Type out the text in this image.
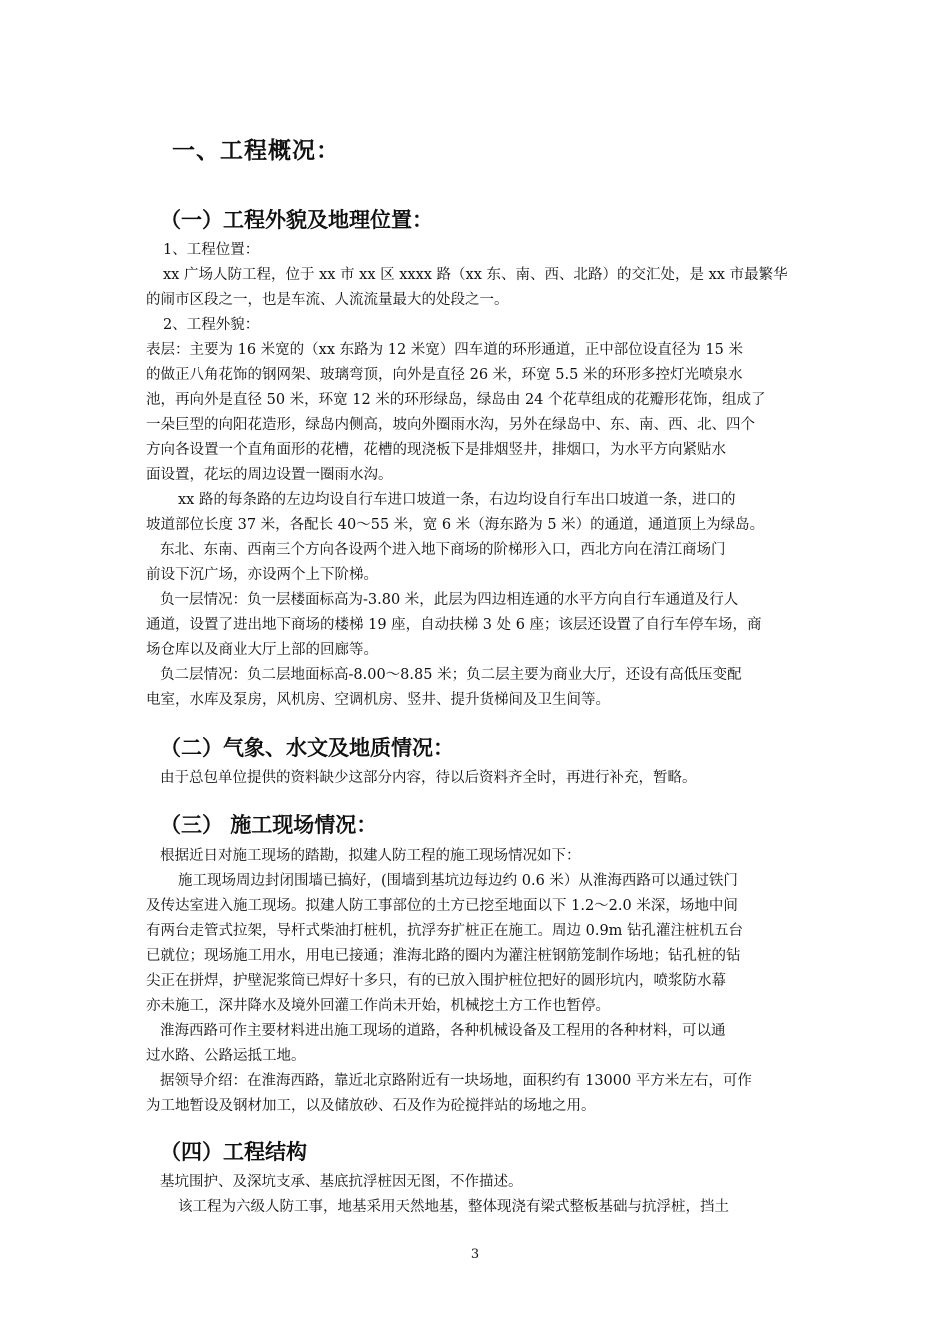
一、工程概况：
（一）工程外貌及地理位置：
1、工程位置：
xx 广场人防工程，位于 xx 市 xx 区 xxxx 路（xx 东、南、西、北路）的交汇处，是 xx 市最繁华
的闹市区段之一，也是车流、人流流量最大的处段之一。
2、工程外貌：
表层：主要为 16 米宽的（xx 东路为 12 米宽）四车道的环形通道，正中部位设直径为 15 米
的做正八角花饰的钢网架、玻璃弯顶，向外是直径 26 米，环宽 5.5 米的环形多控灯光喷泉水
池，再向外是直径 50 米，环宽 12 米的环形绿岛，绿岛由 24 个花草组成的花瓣形花饰，组成了
一朵巨型的向阳花造形，绿岛内侧高，坡向外圈雨水沟，另外在绿岛中、东、南、西、北、四个
方向各设置一个直角面形的花槽，花槽的现浇板下是排烟竖井，排烟口，为水平方向紧贴水
面设置，花坛的周边设置一圈雨水沟。
xx 路的每条路的左边均设自行车进口坡道一条，右边均设自行车出口坡道一条，进口的
坡道部位长度 37 米，各配长 40～55 米，宽 6 米（海东路为 5 米）的通道，通道顶上为绿岛。
东北、东南、西南三个方向各设两个进入地下商场的阶梯形入口，西北方向在清江商场门
前设下沉广场，亦设两个上下阶梯。
负一层情况：负一层楼面标高为-3.80 米，此层为四边相连通的水平方向自行车通道及行人
通道，设置了进出地下商场的楼梯 19 座，自动扶梯 3 处 6 座；该层还设置了自行车停车场，商
场仓库以及商业大厅上部的回廊等。
负二层情况：负二层地面标高-8.00～8.85 米；负二层主要为商业大厅，还设有高低压变配
电室，水库及泵房，风机房、空调机房、竖井、提升货梯间及卫生间等。
（二）气象、水文及地质情况：
由于总包单位提供的资料缺少这部分内容，待以后资料齐全时，再进行补充，暂略。
（三） 施工现场情况：
根据近日对施工现场的踏勘，拟建人防工程的施工现场情况如下：
施工现场周边封闭围墙已搞好，(围墙到基坑边每边约 0.6 米）从淮海西路可以通过铁门
及传达室进入施工现场。拟建人防工事部位的土方已挖至地面以下 1.2～2.0 米深，场地中间
有两台走管式拉架，导杆式柴油打桩机，抗浮夯扩桩正在施工。周边 0.9m 钻孔灌注桩机五台
已就位；现场施工用水，用电已接通；淮海北路的圈内为灌注桩钢筋笼制作场地；钻孔桩的钻
尖正在拼焊，护壁泥浆筒已焊好十多只，有的已放入围护桩位把好的圆形坑内，喷浆防水幕
亦未施工，深井降水及境外回灌工作尚未开始，机械挖土方工作也暂停。
淮海西路可作主要材料进出施工现场的道路，各种机械设备及工程用的各种材料，可以通
过水路、公路运抵工地。
据领导介绍：在淮海西路，靠近北京路附近有一块场地，面积约有 13000 平方米左右，可作
为工地暂设及钢材加工，以及储放砂、石及作为砼搅拌站的场地之用。
（四）工程结构
基坑围护、及深坑支承、基底抗浮桩因无图，不作描述。
该工程为六级人防工事，地基采用天然地基，整体现浇有梁式整板基础与抗浮桩，挡土
3
